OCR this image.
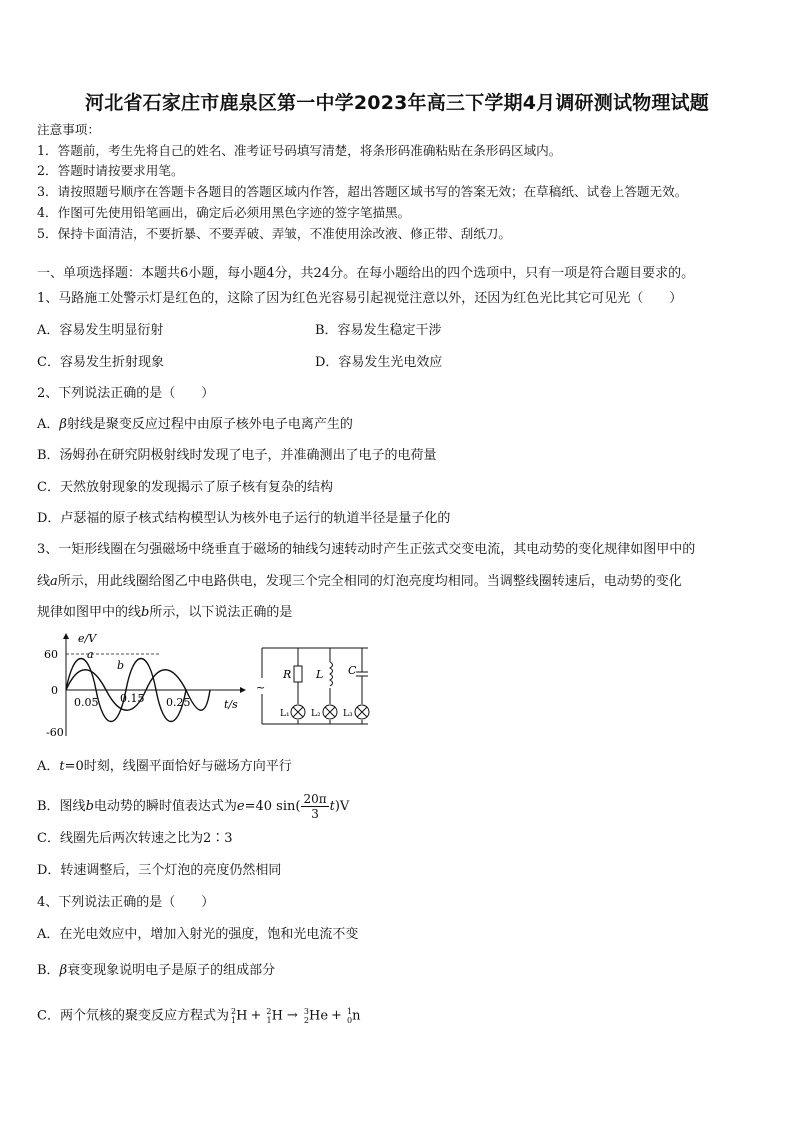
河北省石家庄市鹿泉区第一中学2023年高三下学期4月调研测试物理试题
注意事项：
1．答题前，考生先将自己的姓名、准考证号码填写清楚，将条形码准确粘贴在条形码区域内。
2．答题时请按要求用笔。
3．请按照题号顺序在答题卡各题目的答题区域内作答，超出答题区域书写的答案无效；在草稿纸、试卷上答题无效。
4．作图可先使用铅笔画出，确定后必须用黑色字迹的签字笔描黑。
5．保持卡面清洁，不要折暴、不要弄破、弄皱，不准使用涂改液、修正带、刮纸刀。
一、单项选择题：本题共6小题，每小题4分，共24分。在每小题给出的四个选项中，只有一项是符合题目要求的。
1、马路施工处警示灯是红色的，这除了因为红色光容易引起视觉注意以外，还因为红色光比其它可见光（　　）
A．容易发生明显衍射	B．容易发生稳定干涉
C．容易发生折射现象	D．容易发生光电效应
2、下列说法正确的是（　　）
A．β射线是聚变反应过程中由原子核外电子电离产生的
B．汤姆孙在研究阴极射线时发现了电子，并准确测出了电子的电荷量
C．天然放射现象的发现揭示了原子核有复杂的结构
D．卢瑟福的原子核式结构模型认为核外电子运行的轨道半径是量子化的
3、一矩形线圈在匀强磁场中绕垂直于磁场的轴线匀速转动时产生正弦式交变电流，其电动势的变化规律如图甲中的
线a所示，用此线圈给图乙中电路供电，发现三个完全相同的灯泡亮度均相同。当调整线圈转速后，电动势的变化
规律如图甲中的线b所示，以下说法正确的是
e/V
60
0
-60
0.05 0.15 0.25	t/s
a
b
~
R L C
L₁ L₂ L₃
A．t=0时刻，线圈平面恰好与磁场方向平行
B．图线b电动势的瞬时值表达式为e=40 $\sin( \frac{20\pi}{3} t)V$
C．线圈先后两次转速之比为2∶3
D．转速调整后，三个灯泡的亮度仍然相同
4、下列说法正确的是（　　）
A．在光电效应中，增加入射光的强度，饱和光电流不变
B．β衰变现象说明电子是原子的组成部分
C．两个氘核的聚变反应方程式为 $^2_1$H + $^2_1$H → $^3_2$He + $^1_0$n
